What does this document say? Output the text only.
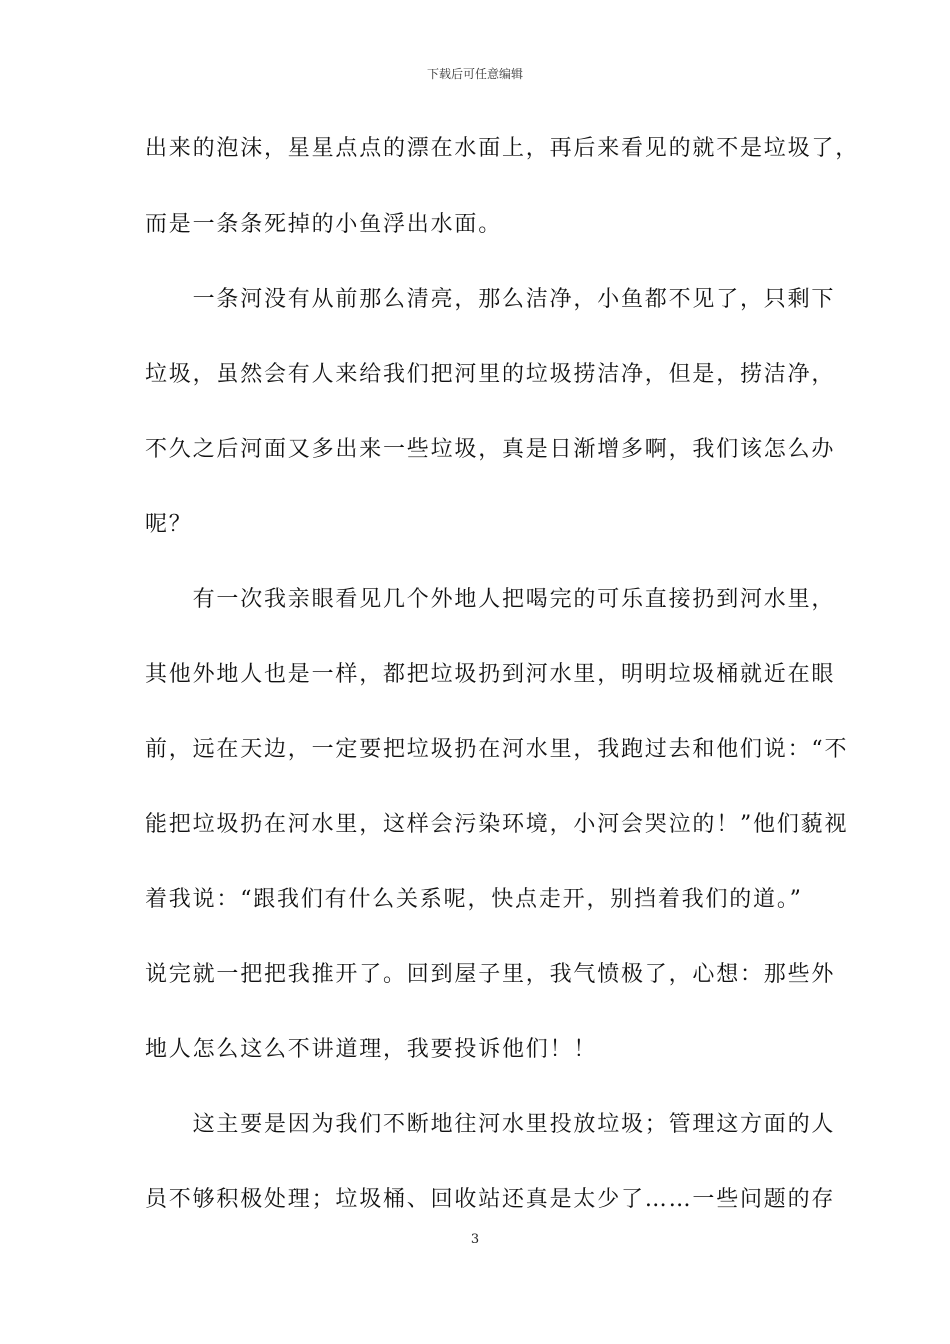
下载后可任意编辑
出来的泡沫，星星点点的漂在水面上，再后来看见的就不是垃圾了，
而是一条条死掉的小鱼浮出水面。
　　一条河没有从前那么清亮，那么洁净，小鱼都不见了，只剩下
垃圾，虽然会有人来给我们把河里的垃圾捞洁净，但是，捞洁净，
不久之后河面又多出来一些垃圾，真是日渐增多啊，我们该怎么办
呢？
　　有一次我亲眼看见几个外地人把喝完的可乐直接扔到河水里，
其他外地人也是一样，都把垃圾扔到河水里，明明垃圾桶就近在眼
前，远在天边，一定要把垃圾扔在河水里，我跑过去和他们说：“不
能把垃圾扔在河水里，这样会污染环境，小河会哭泣的！”他们藐视
着我说：“跟我们有什么关系呢，快点走开，别挡着我们的道。”
说完就一把把我推开了。回到屋子里，我气愤极了，心想：那些外
地人怎么这么不讲道理，我要投诉他们！！
　　这主要是因为我们不断地往河水里投放垃圾；管理这方面的人
员不够积极处理；垃圾桶、回收站还真是太少了……一些问题的存
3
